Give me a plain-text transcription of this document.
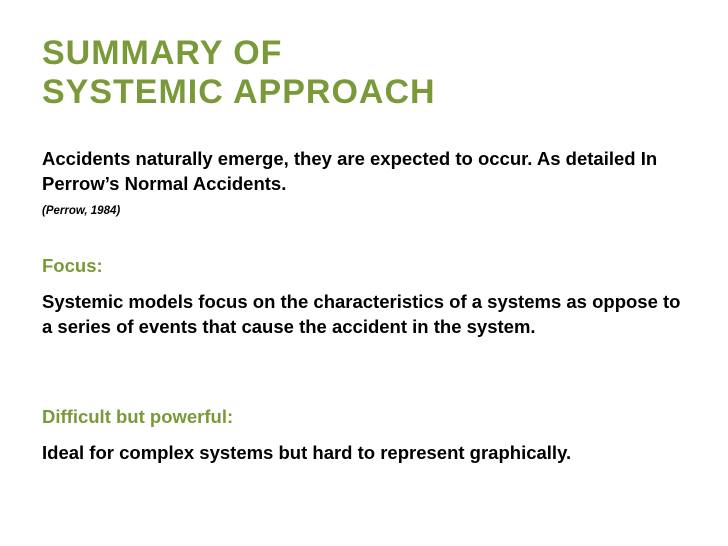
SUMMARY OF
SYSTEMIC APPROACH

Accidents naturally emerge, they are expected to occur. As detailed In Perrow’s Normal Accidents.

(Perrow, 1984)

Focus:

Systemic models focus on the characteristics of a systems as oppose to a series of events that cause the accident in the system.

Difficult but powerful:

Ideal for complex systems but hard to represent graphically.
